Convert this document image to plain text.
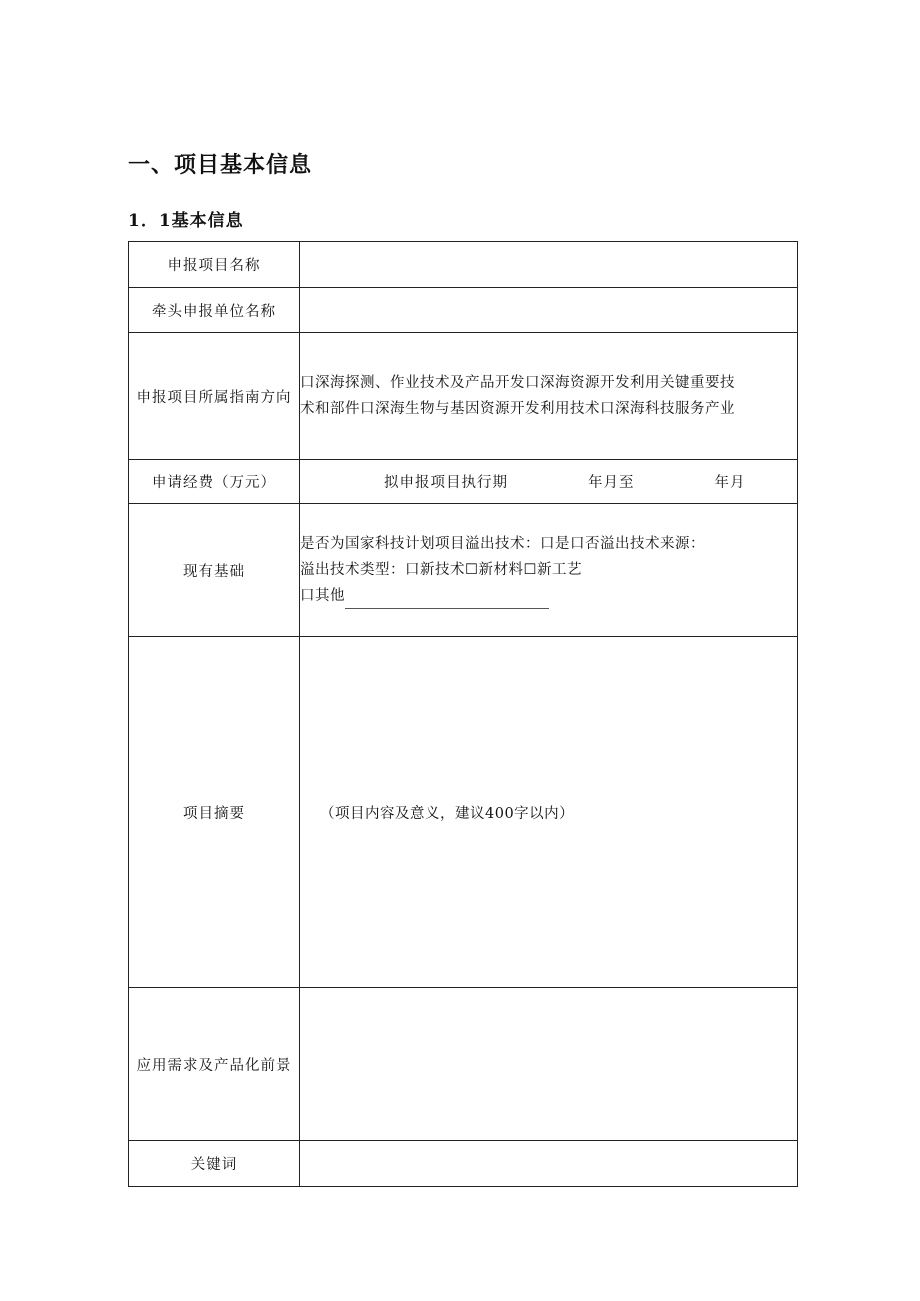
一、项目基本信息
1．1基本信息
申报项目名称	
牵头申报单位名称	
申报项目所属指南方向	口深海探测、作业技术及产品开发口深海资源开发利用关键重要技
术和部件口深海生物与基因资源开发利用技术口深海科技服务产业

申请经费（万元）	拟申报项目执行期 年月至 年月

现有基础	是否为国家科技计划项目溢出技术：口是口否溢出技术来源：
溢出技术类型：口新技术☐新材料☐新工艺
口其他

项目摘要	（项目内容及意义，建议400字以内）
应用需求及产品化前景	
关键词	
